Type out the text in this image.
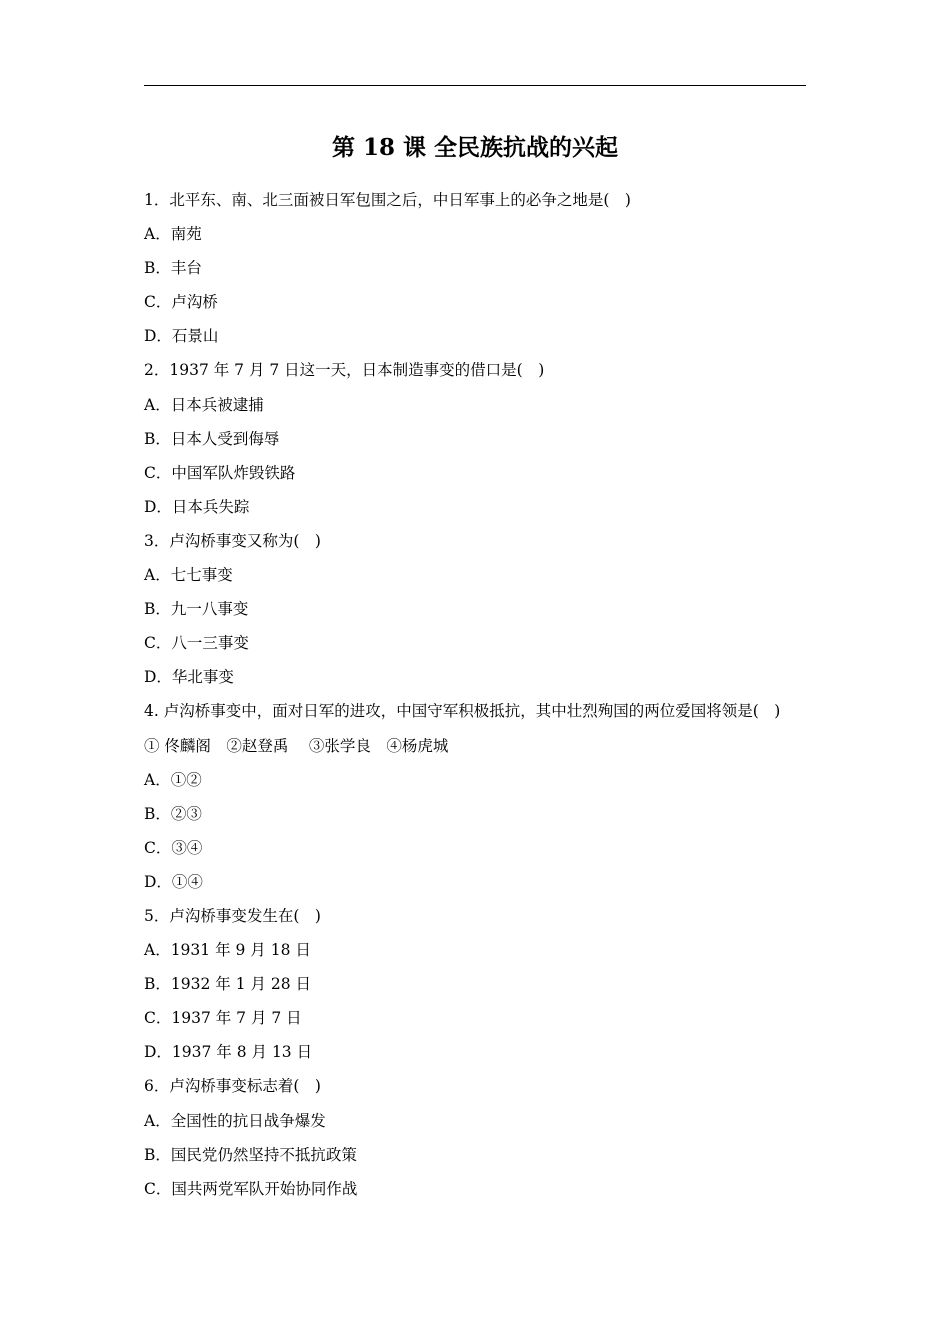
第 18 课 全民族抗战的兴起
1．北平东、南、北三面被日军包围之后，中日军事上的必争之地是(　)
A．南苑
B．丰台
C．卢沟桥
D．石景山
2．1937 年 7 月 7 日这一天，日本制造事变的借口是(　)
A．日本兵被逮捕
B．日本人受到侮辱
C．中国军队炸毁铁路
D．日本兵失踪
3．卢沟桥事变又称为(　)
A．七七事变
B．九一八事变
C．八一三事变
D．华北事变
4. 卢沟桥事变中，面对日军的进攻，中国守军积极抵抗，其中壮烈殉国的两位爱国将领是(　)
① 佟麟阁　②赵登禹　 ③张学良　④杨虎城
A．①②
B．②③
C．③④
D．①④
5．卢沟桥事变发生在(　)
A．1931 年 9 月 18 日
B．1932 年 1 月 28 日
C．1937 年 7 月 7 日
D．1937 年 8 月 13 日
6．卢沟桥事变标志着(　)
A．全国性的抗日战争爆发
B．国民党仍然坚持不抵抗政策
C．国共两党军队开始协同作战
